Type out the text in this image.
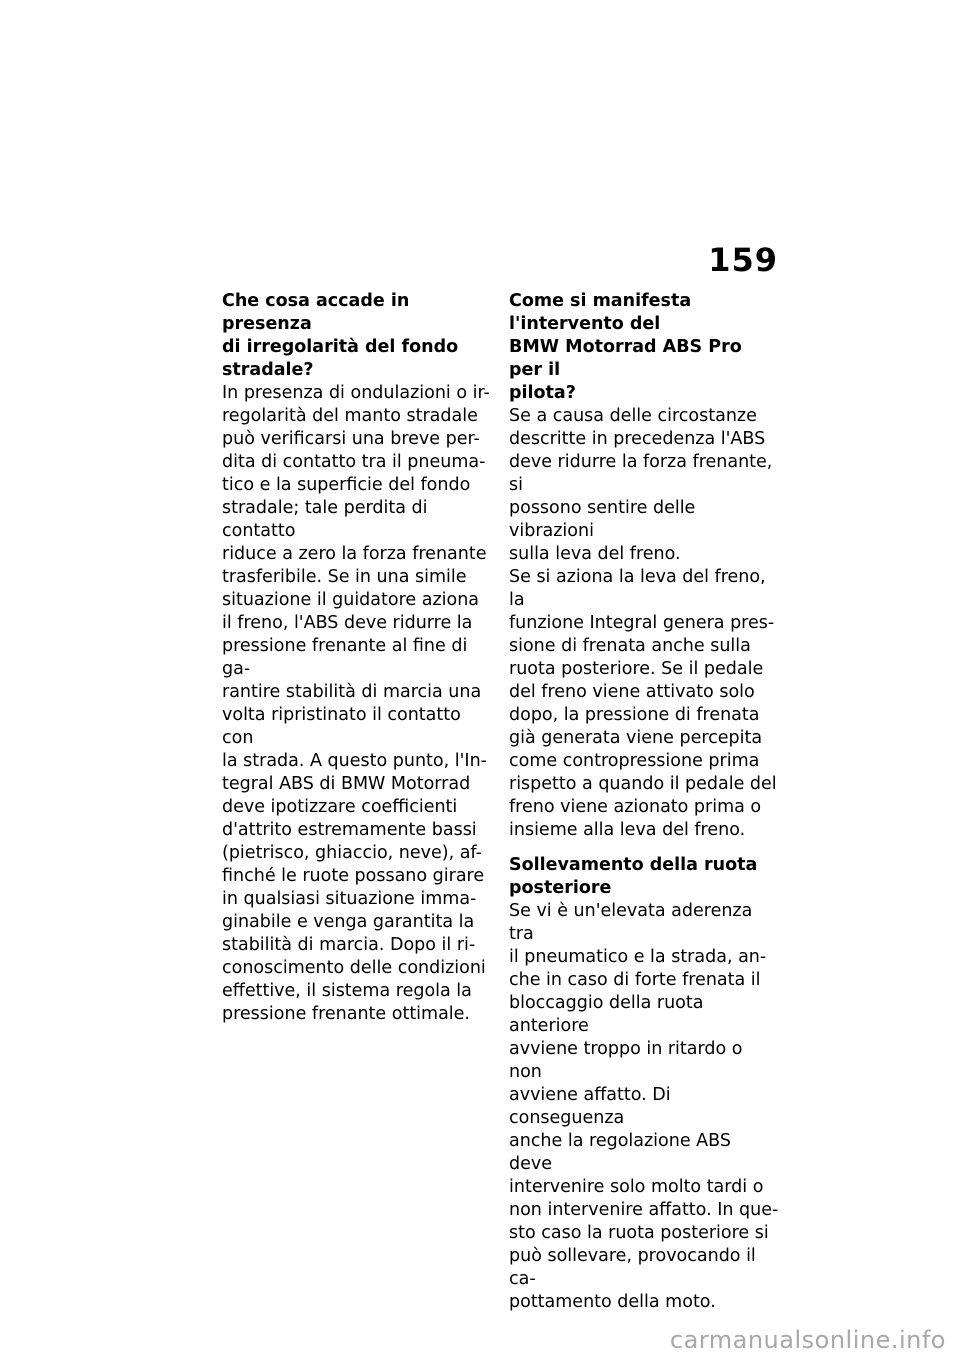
159

Che cosa accade in presenza
di irregolarità del fondo
stradale?

In presenza di ondulazioni o ir-
regolarità del manto stradale
può verificarsi una breve per-
dita di contatto tra il pneuma-
tico e la superficie del fondo
stradale; tale perdita di contatto
riduce a zero la forza frenante
trasferibile. Se in una simile
situazione il guidatore aziona
il freno, l'ABS deve ridurre la
pressione frenante al fine di ga-
rantire stabilità di marcia una
volta ripristinato il contatto con
la strada. A questo punto, l'In-
tegral ABS di BMW Motorrad
deve ipotizzare coefficienti
d'attrito estremamente bassi
(pietrisco, ghiaccio, neve), af-
finché le ruote possano girare
in qualsiasi situazione imma-
ginabile e venga garantita la
stabilità di marcia. Dopo il ri-
conoscimento delle condizioni
effettive, il sistema regola la
pressione frenante ottimale.

Come si manifesta
l'intervento del
BMW Motorrad ABS Pro per il
pilota?

Se a causa delle circostanze
descritte in precedenza l'ABS
deve ridurre la forza frenante, si
possono sentire delle vibrazioni
sulla leva del freno.

Se si aziona la leva del freno, la
funzione Integral genera pres-
sione di frenata anche sulla
ruota posteriore. Se il pedale
del freno viene attivato solo
dopo, la pressione di frenata
già generata viene percepita
come contropressione prima
rispetto a quando il pedale del
freno viene azionato prima o
insieme alla leva del freno.

Sollevamento della ruota
posteriore

Se vi è un'elevata aderenza tra
il pneumatico e la strada, an-
che in caso di forte frenata il
bloccaggio della ruota anteriore
avviene troppo in ritardo o non
avviene affatto. Di conseguenza
anche la regolazione ABS deve
intervenire solo molto tardi o
non intervenire affatto. In que-
sto caso la ruota posteriore si
può sollevare, provocando il ca-
pottamento della moto.

carmanualsonline.info
